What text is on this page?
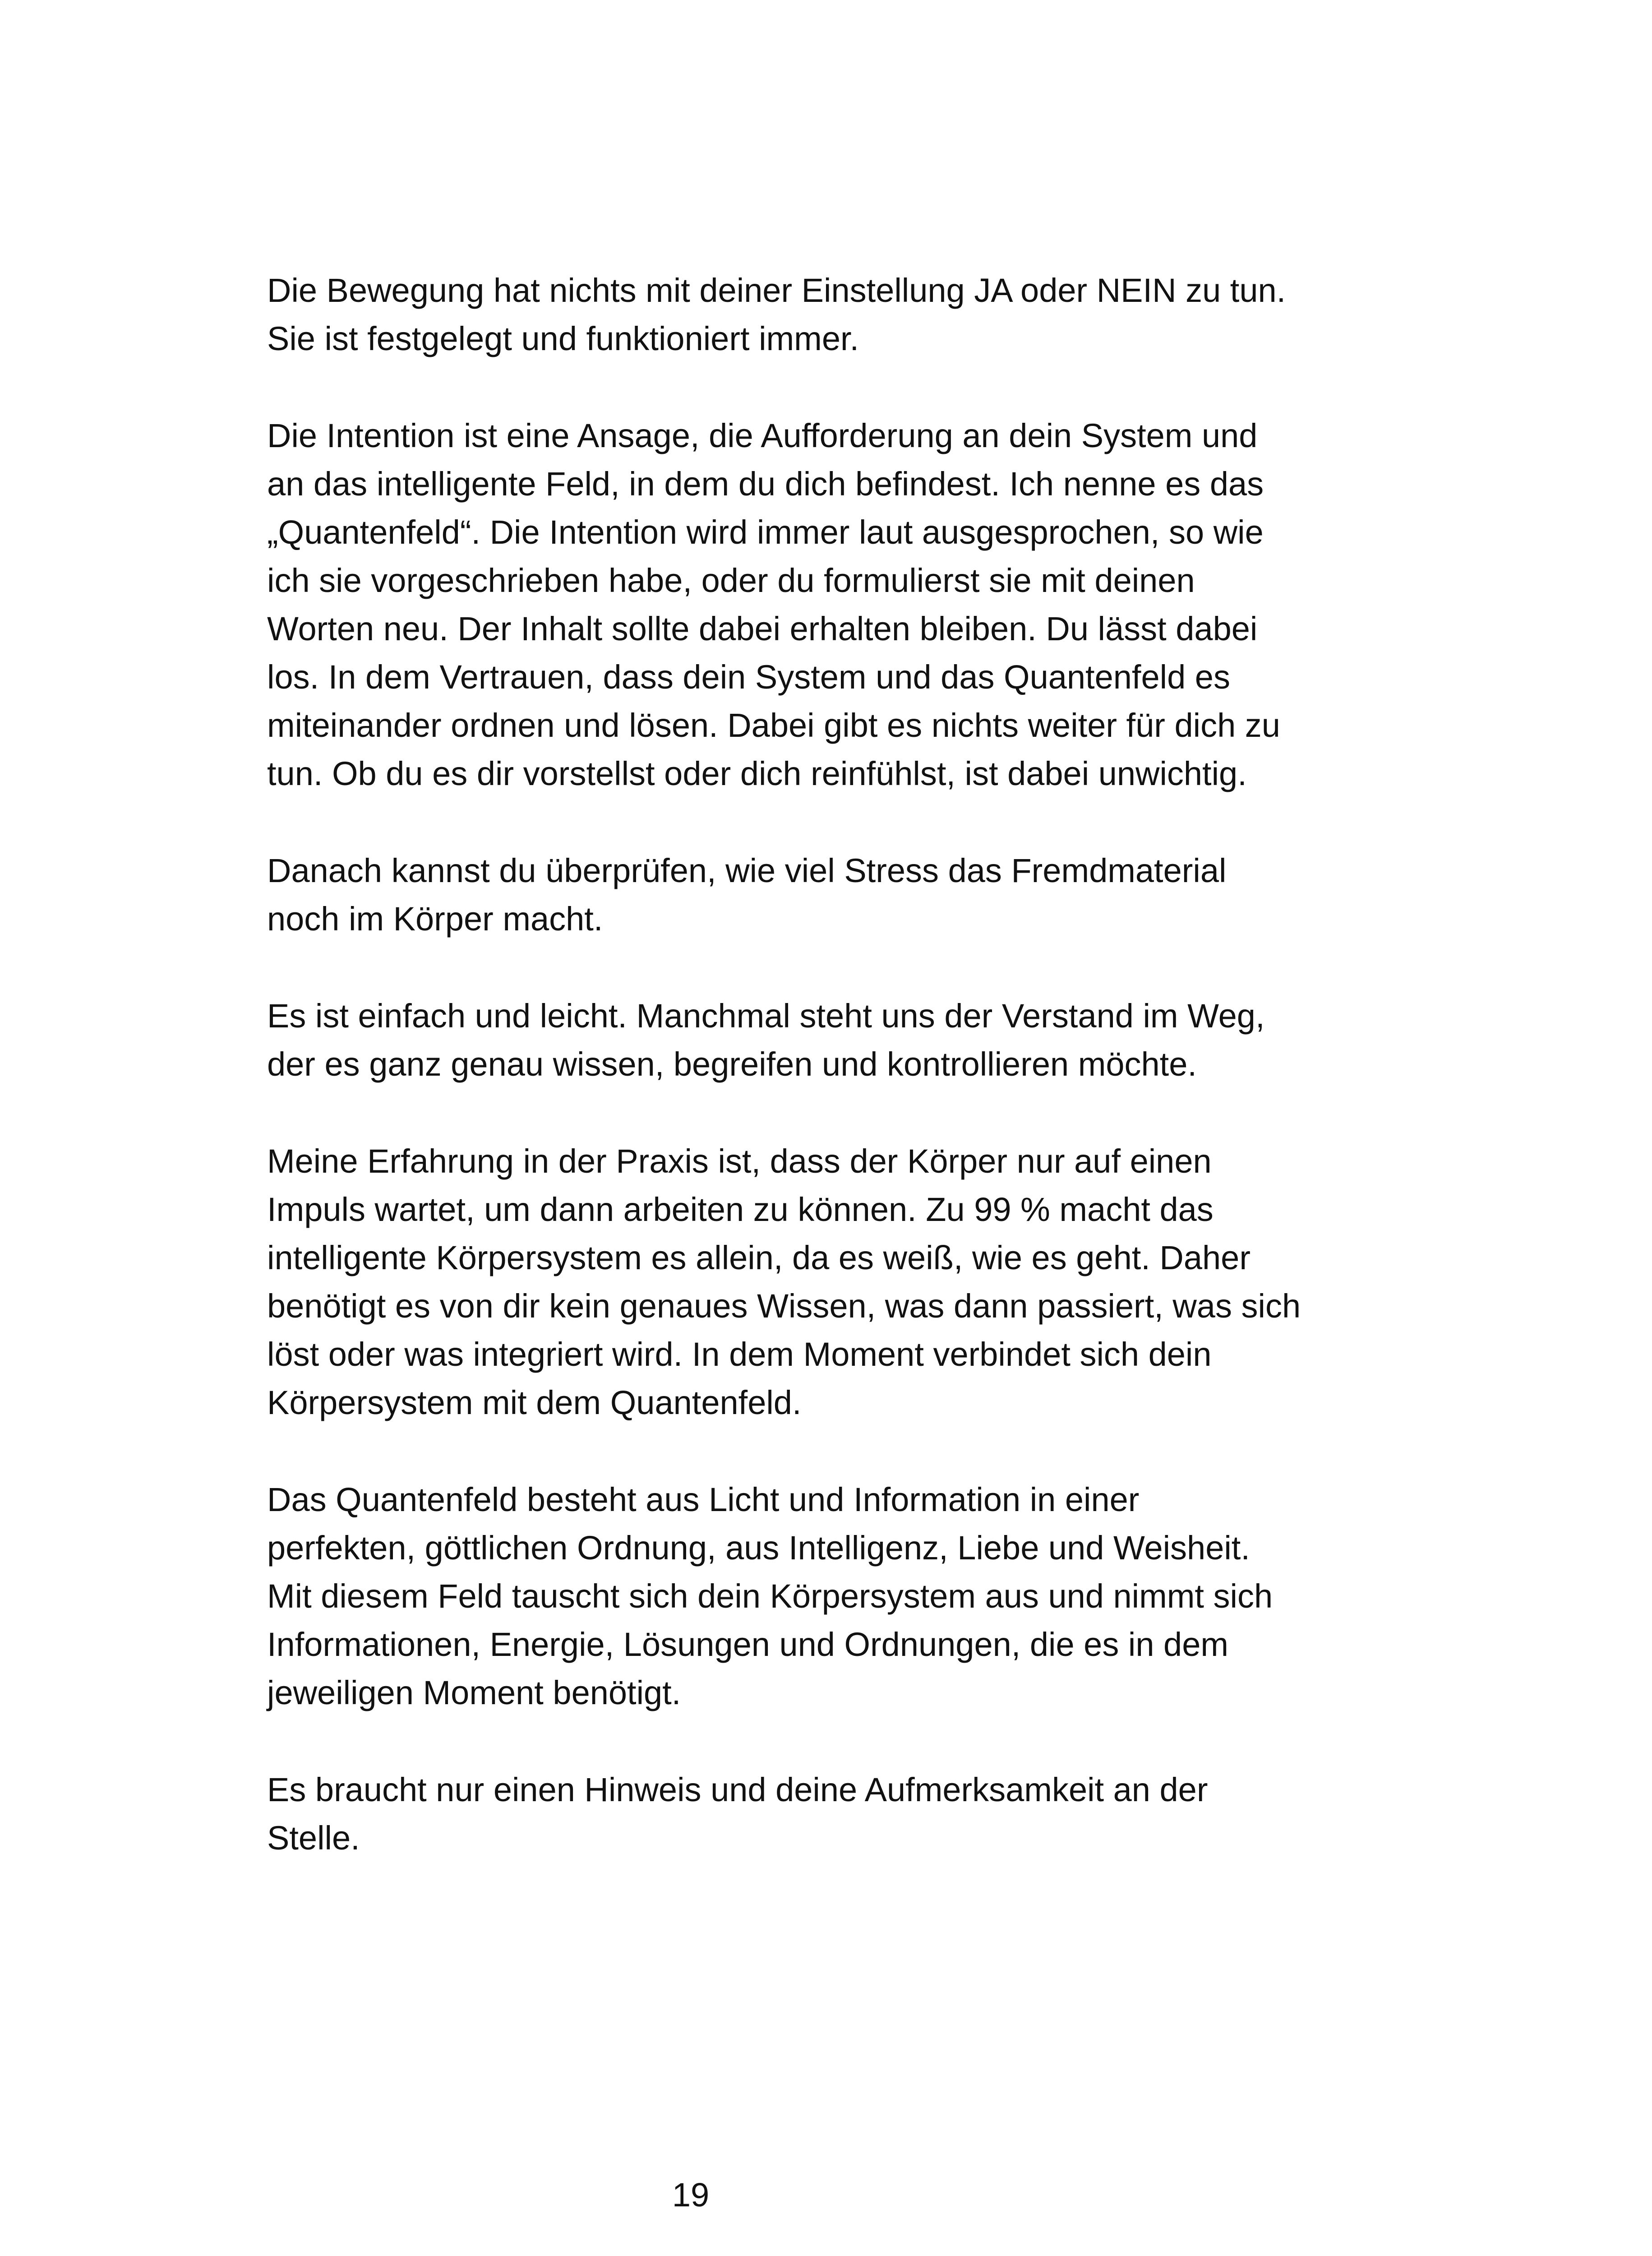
Die Bewegung hat nichts mit deiner Einstellung JA oder NEIN zu tun.
Sie ist festgelegt und funktioniert immer.

Die Intention ist eine Ansage, die Aufforderung an dein System und
an das intelligente Feld, in dem du dich befindest. Ich nenne es das
„Quantenfeld“. Die Intention wird immer laut ausgesprochen, so wie
ich sie vorgeschrieben habe, oder du formulierst sie mit deinen
Worten neu. Der Inhalt sollte dabei erhalten bleiben. Du lässt dabei
los. In dem Vertrauen, dass dein System und das Quantenfeld es
miteinander ordnen und lösen. Dabei gibt es nichts weiter für dich zu
tun. Ob du es dir vorstellst oder dich reinfühlst, ist dabei unwichtig.

Danach kannst du überprüfen, wie viel Stress das Fremdmaterial
noch im Körper macht.

Es ist einfach und leicht. Manchmal steht uns der Verstand im Weg,
der es ganz genau wissen, begreifen und kontrollieren möchte.

Meine Erfahrung in der Praxis ist, dass der Körper nur auf einen
Impuls wartet, um dann arbeiten zu können. Zu 99 % macht das
intelligente Körpersystem es allein, da es weiß, wie es geht. Daher
benötigt es von dir kein genaues Wissen, was dann passiert, was sich
löst oder was integriert wird. In dem Moment verbindet sich dein
Körpersystem mit dem Quantenfeld.

Das Quantenfeld besteht aus Licht und Information in einer
perfekten, göttlichen Ordnung, aus Intelligenz, Liebe und Weisheit.
Mit diesem Feld tauscht sich dein Körpersystem aus und nimmt sich
Informationen, Energie, Lösungen und Ordnungen, die es in dem
jeweiligen Moment benötigt.

Es braucht nur einen Hinweis und deine Aufmerksamkeit an der
Stelle.

19
